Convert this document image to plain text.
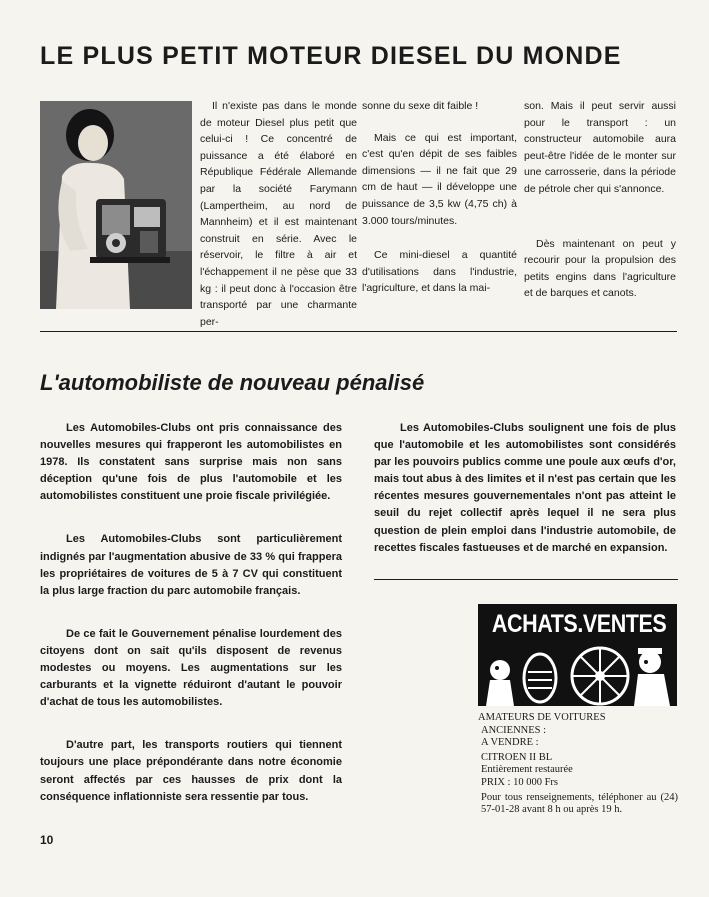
LE PLUS PETIT MOTEUR DIESEL DU MONDE

Il n'existe pas dans le monde de moteur Diesel plus petit que celui-ci ! Ce concentré de puissance a été élaboré en République Fédérale Allemande par la société Farymann (Lampertheim, au nord de Mannheim) et il est maintenant construit en série. Avec le réservoir, le filtre à air et l'échappement il ne pèse que 33 kg : il peut donc à l'occasion être transporté par une charmante per-

sonne du sexe dit faible !

Mais ce qui est important, c'est qu'en dépit de ses faibles dimensions — il ne fait que 29 cm de haut — il développe une puissance de 3,5 kw (4,75 ch) à 3.000 tours/minutes.

Ce mini-diesel a quantité d'utilisations dans l'industrie, l'agriculture, et dans la mai-

son. Mais il peut servir aussi pour le transport : un constructeur automobile aura peut-être l'idée de le monter sur une carrosserie, dans la période de pétrole cher qui s'annonce.

Dès maintenant on peut y recourir pour la propulsion des petits engins dans l'agriculture et de barques et canots.

L'automobiliste de nouveau pénalisé

Les Automobiles-Clubs ont pris connaissance des nouvelles mesures qui frapperont les automobilistes en 1978. Ils constatent sans surprise mais non sans déception qu'une fois de plus l'automobile et les automobilistes constituent une proie fiscale privilégiée.

Les Automobiles-Clubs sont particulièrement indignés par l'augmentation abusive de 33 % qui frappera les propriétaires de voitures de 5 à 7 CV qui constituent la plus large fraction du parc automobile français.

De ce fait le Gouvernement pénalise lourdement des citoyens dont on sait qu'ils disposent de revenus modestes ou moyens. Les augmentations sur les carburants et la vignette réduiront d'autant le pouvoir d'achat de tous les automobilistes.

D'autre part, les transports routiers qui tiennent toujours une place prépondérante dans notre économie seront affectés par ces hausses de prix dont la conséquence inflationniste sera ressentie par tous.

Les Automobiles-Clubs soulignent une fois de plus que l'automobile et les automobilistes sont considérés par les pouvoirs publics comme une poule aux œufs d'or, mais tout abus à des limites et il n'est pas certain que les récentes mesures gouvernementales n'ont pas atteint le seuil du rejet collectif après lequel il ne sera plus question de plein emploi dans l'industrie automobile, de recettes fiscales fastueuses et de marché en expansion.

ACHATS.VENTES
AMATEURS DE VOITURES
ANCIENNES :
A VENDRE :
CITROEN II BL
Entièrement restaurée
PRIX : 10 000 Frs
Pour tous renseignements, téléphoner au (24) 57-01-28 avant 8 h ou après 19 h.
10
